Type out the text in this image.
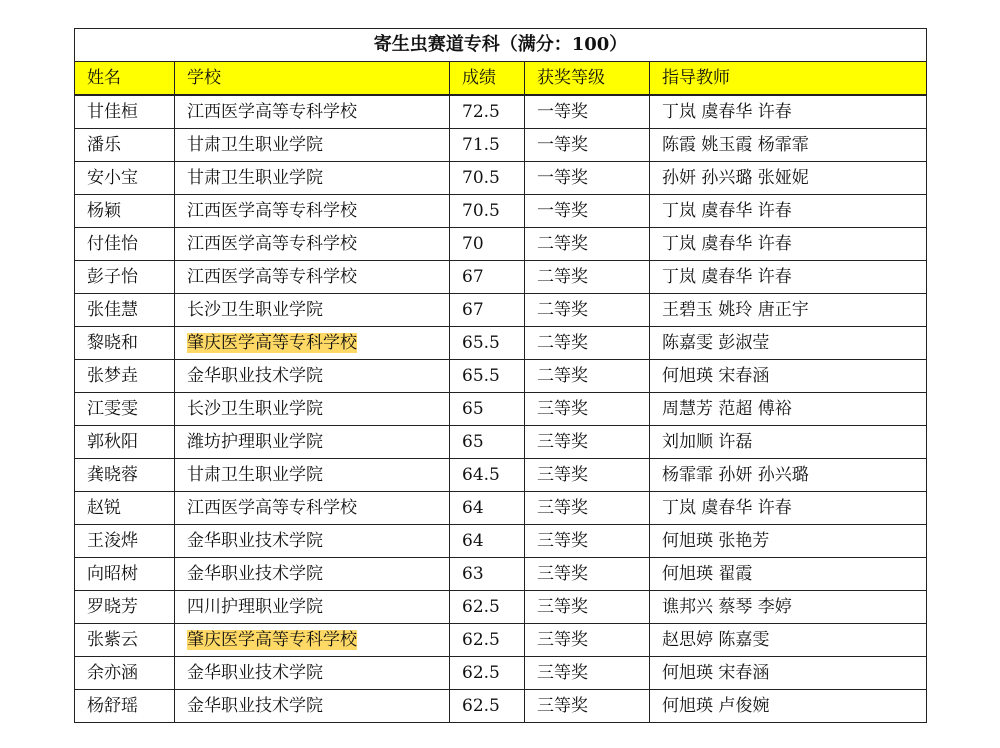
寄生虫赛道专科（满分：100）				
姓名	学校	成绩	获奖等级	指导教师
甘佳桓	江西医学高等专科学校	72.5	一等奖	丁岚 虞春华 许春
潘乐	甘肃卫生职业学院	71.5	一等奖	陈霞 姚玉霞 杨霏霏
安小宝	甘肃卫生职业学院	70.5	一等奖	孙妍 孙兴璐 张娅妮
杨颖	江西医学高等专科学校	70.5	一等奖	丁岚 虞春华 许春
付佳怡	江西医学高等专科学校	70	二等奖	丁岚 虞春华 许春
彭子怡	江西医学高等专科学校	67	二等奖	丁岚 虞春华 许春
张佳慧	长沙卫生职业学院	67	二等奖	王碧玉 姚玲 唐正宇
黎晓和	肇庆医学高等专科学校	65.5	二等奖	陈嘉雯 彭淑莹
张梦垚	金华职业技术学院	65.5	二等奖	何旭瑛 宋春涵
江雯雯	长沙卫生职业学院	65	三等奖	周慧芳 范超 傅裕
郭秋阳	潍坊护理职业学院	65	三等奖	刘加顺 许磊
龚晓蓉	甘肃卫生职业学院	64.5	三等奖	杨霏霏 孙妍 孙兴璐
赵锐	江西医学高等专科学校	64	三等奖	丁岚 虞春华 许春
王浚烨	金华职业技术学院	64	三等奖	何旭瑛 张艳芳
向昭树	金华职业技术学院	63	三等奖	何旭瑛 翟霞
罗晓芳	四川护理职业学院	62.5	三等奖	谯邦兴 蔡琴 李婷
张紫云	肇庆医学高等专科学校	62.5	三等奖	赵思婷 陈嘉雯
余亦涵	金华职业技术学院	62.5	三等奖	何旭瑛 宋春涵
杨舒瑶	金华职业技术学院	62.5	三等奖	何旭瑛 卢俊婉
